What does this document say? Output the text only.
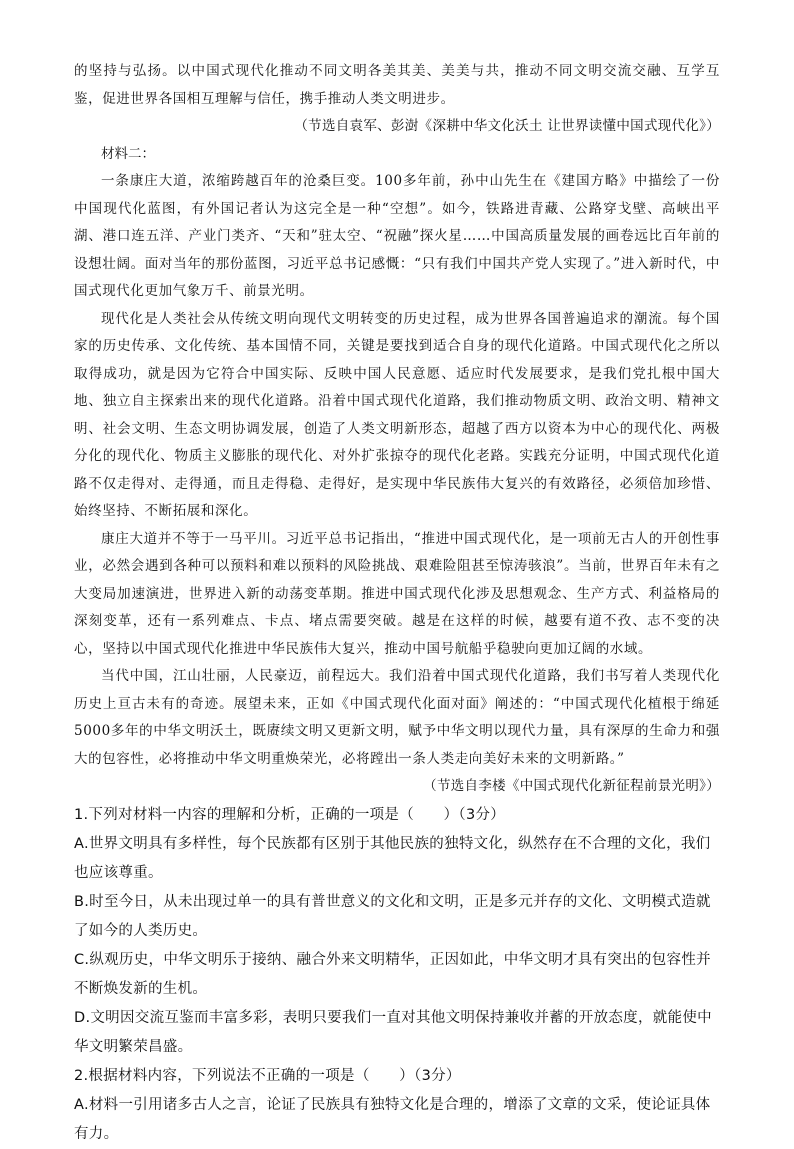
的坚持与弘扬。以中国式现代化推动不同文明各美其美、美美与共，推动不同文明交流交融、互学互鉴，促进世界各国相互理解与信任，携手推动人类文明进步。

（节选自袁军、彭澍《深耕中华文化沃土 让世界读懂中国式现代化》）

材料二：

一条康庄大道，浓缩跨越百年的沧桑巨变。100多年前，孙中山先生在《建国方略》中描绘了一份中国现代化蓝图，有外国记者认为这完全是一种“空想”。如今，铁路进青藏、公路穿戈壁、高峡出平湖、港口连五洋、产业门类齐、“天和”驻太空、“祝融”探火星……中国高质量发展的画卷远比百年前的设想壮阔。面对当年的那份蓝图，习近平总书记感慨：“只有我们中国共产党人实现了。”进入新时代，中国式现代化更加气象万千、前景光明。

现代化是人类社会从传统文明向现代文明转变的历史过程，成为世界各国普遍追求的潮流。每个国家的历史传承、文化传统、基本国情不同，关键是要找到适合自身的现代化道路。中国式现代化之所以取得成功，就是因为它符合中国实际、反映中国人民意愿、适应时代发展要求，是我们党扎根中国大地、独立自主探索出来的现代化道路。沿着中国式现代化道路，我们推动物质文明、政治文明、精神文明、社会文明、生态文明协调发展，创造了人类文明新形态，超越了西方以资本为中心的现代化、两极分化的现代化、物质主义膨胀的现代化、对外扩张掠夺的现代化老路。实践充分证明，中国式现代化道路不仅走得对、走得通，而且走得稳、走得好，是实现中华民族伟大复兴的有效路径，必须倍加珍惜、始终坚持、不断拓展和深化。

康庄大道并不等于一马平川。习近平总书记指出，“推进中国式现代化，是一项前无古人的开创性事业，必然会遇到各种可以预料和难以预料的风险挑战、艰难险阻甚至惊涛骇浪”。当前，世界百年未有之大变局加速演进，世界进入新的动荡变革期。推进中国式现代化涉及思想观念、生产方式、利益格局的深刻变革，还有一系列难点、卡点、堵点需要突破。越是在这样的时候，越要有道不孜、志不变的决心，坚持以中国式现代化推进中华民族伟大复兴，推动中国号航船乎稳驶向更加辽阔的水域。

当代中国，江山壮丽，人民豪迈，前程远大。我们沿着中国式现代化道路，我们书写着人类现代化历史上亘古未有的奇迹。展望未来，正如《中国式现代化面对面》阐述的：“中国式现代化植根于绵延5000多年的中华文明沃土，既赓续文明又更新文明，赋予中华文明以现代力量，具有深厚的生命力和强大的包容性，必将推动中华文明重焕荣光，必将蹚出一条人类走向美好未来的文明新路。”

（节选自李楼《中国式现代化新征程前景光明》）

1.下列对材料一内容的理解和分析，正确的一项是（　　）（3分）

A.世界文明具有多样性，每个民族都有区别于其他民族的独特文化，纵然存在不合理的文化，我们也应该尊重。

B.时至今日，从未出现过单一的具有普世意义的文化和文明，正是多元并存的文化、文明模式造就了如今的人类历史。

C.纵观历史，中华文明乐于接纳、融合外来文明精华，正因如此，中华文明才具有突出的包容性并不断焕发新的生机。

D.文明因交流互鉴而丰富多彩，表明只要我们一直对其他文明保持兼收并蓄的开放态度，就能使中华文明繁荣昌盛。

2.根据材料内容，下列说法不正确的一项是（　　）（3分）

A.材料一引用诸多古人之言，论证了民族具有独特文化是合理的，增添了文章的文采，使论证具体有力。
